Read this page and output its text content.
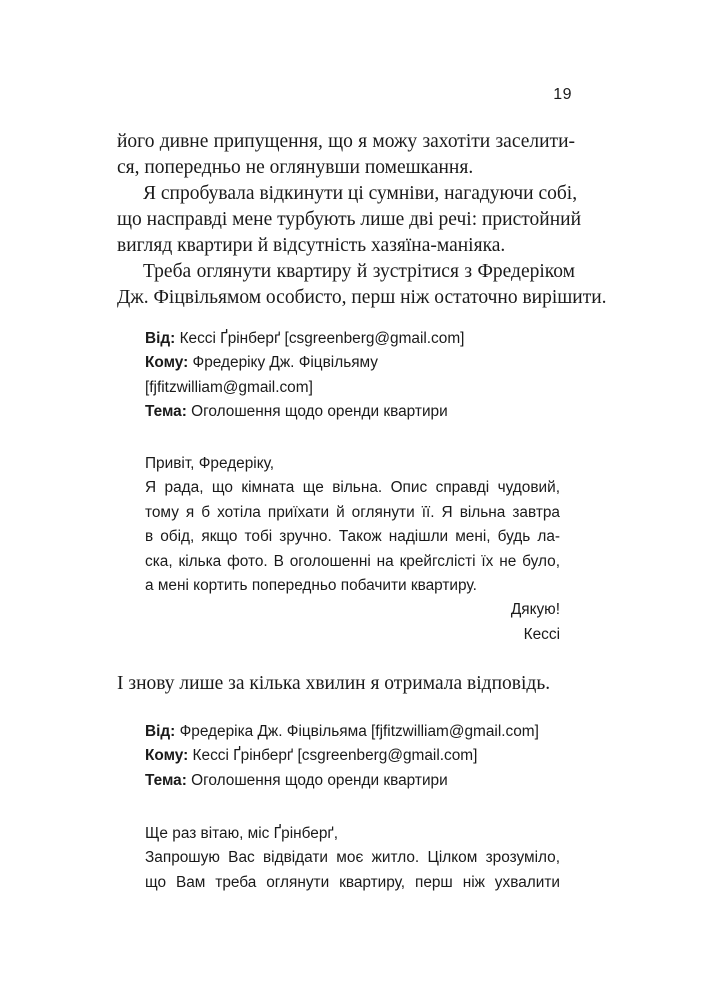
19
його дивне припущення, що я можу захотіти заселити-
ся, попередньо не оглянувши помешкання.
Я спробувала відкинути ці сумніви, нагадуючи собі,
що насправді мене турбують лише дві речі: пристойний
вигляд квартири й відсутність хазяїна-маніяка.
Треба оглянути квартиру й зустрітися з Фредеріком
Дж. Фіцвільямом особисто, перш ніж остаточно вирішити.
Від: Кессі Ґрінберґ [csgreenberg@gmail.com]
Кому: Фредеріку Дж. Фіцвільяму
[fjfitzwilliam@gmail.com]
Тема: Оголошення щодо оренди квартири
Привіт, Фредеріку,
Я рада, що кімната ще вільна. Опис справді чудовий,
тому я б хотіла приїхати й оглянути її. Я вільна завтра
в обід, якщо тобі зручно. Також надішли мені, будь ла-
ска, кілька фото. В оголошенні на крейгслісті їх не було,
а мені кортить попередньо побачити квартиру.
Дякую!
Кессі
І знову лише за кілька хвилин я отримала відповідь.
Від: Фредеріка Дж. Фіцвільяма [fjfitzwilliam@gmail.com]
Кому: Кессі Ґрінберґ [csgreenberg@gmail.com]
Тема: Оголошення щодо оренди квартири
Ще раз вітаю, міс Ґрінберґ,
Запрошую Вас відвідати моє житло. Цілком зрозуміло,
що Вам треба оглянути квартиру, перш ніж ухвалити
